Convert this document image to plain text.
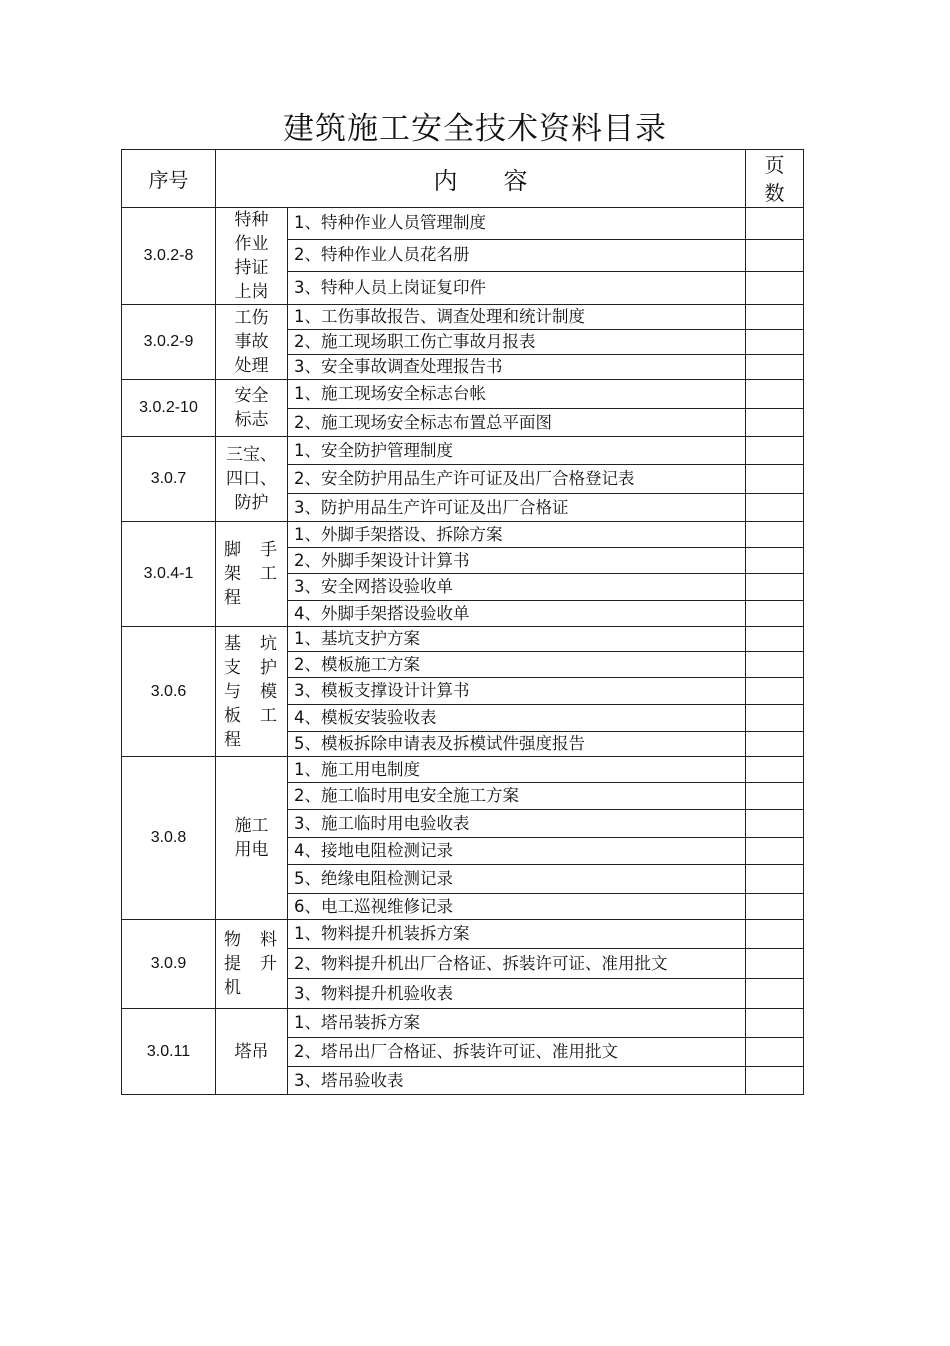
建筑施工安全技术资料目录
序号	内容		页
数

3.0.2-8	特种
作业
持证
上岗	1、特种作业人员管理制度	
		2、特种作业人员花名册	
		3、特种人员上岗证复印件	
3.0.2-9	工伤
事故
处理	1、工伤事故报告、调查处理和统计制度	
		2、施工现场职工伤亡事故月报表	
		3、安全事故调查处理报告书	
3.0.2-10	安全
标志	1、施工现场安全标志台帐	
		2、施工现场安全标志布置总平面图	
3.0.7	三宝、
四口、
防护	1、安全防护管理制度	
		2、安全防护用品生产许可证及出厂合格登记表	
		3、防护用品生产许可证及出厂合格证	
3.0.4-1	脚手
架工
程	1、外脚手架搭设、拆除方案	
		2、外脚手架设计计算书	
		3、安全网搭设验收单	
		4、外脚手架搭设验收单	
3.0.6	基坑
支护
与模
板工
程	1、基坑支护方案	
		2、模板施工方案	
		3、模板支撑设计计算书	
		4、模板安装验收表	
		5、模板拆除申请表及拆模试件强度报告	
3.0.8	施工
用电	1、施工用电制度	
		2、施工临时用电安全施工方案	
		3、施工临时用电验收表	
		4、接地电阻检测记录	
		5、绝缘电阻检测记录	
		6、电工巡视维修记录	
3.0.9	物料
提升
机	1、物料提升机装拆方案	
		2、物料提升机出厂合格证、拆装许可证、准用批文	
		3、物料提升机验收表	
3.0.11	塔吊	1、塔吊装拆方案	
		2、塔吊出厂合格证、拆装许可证、准用批文	
		3、塔吊验收表	
